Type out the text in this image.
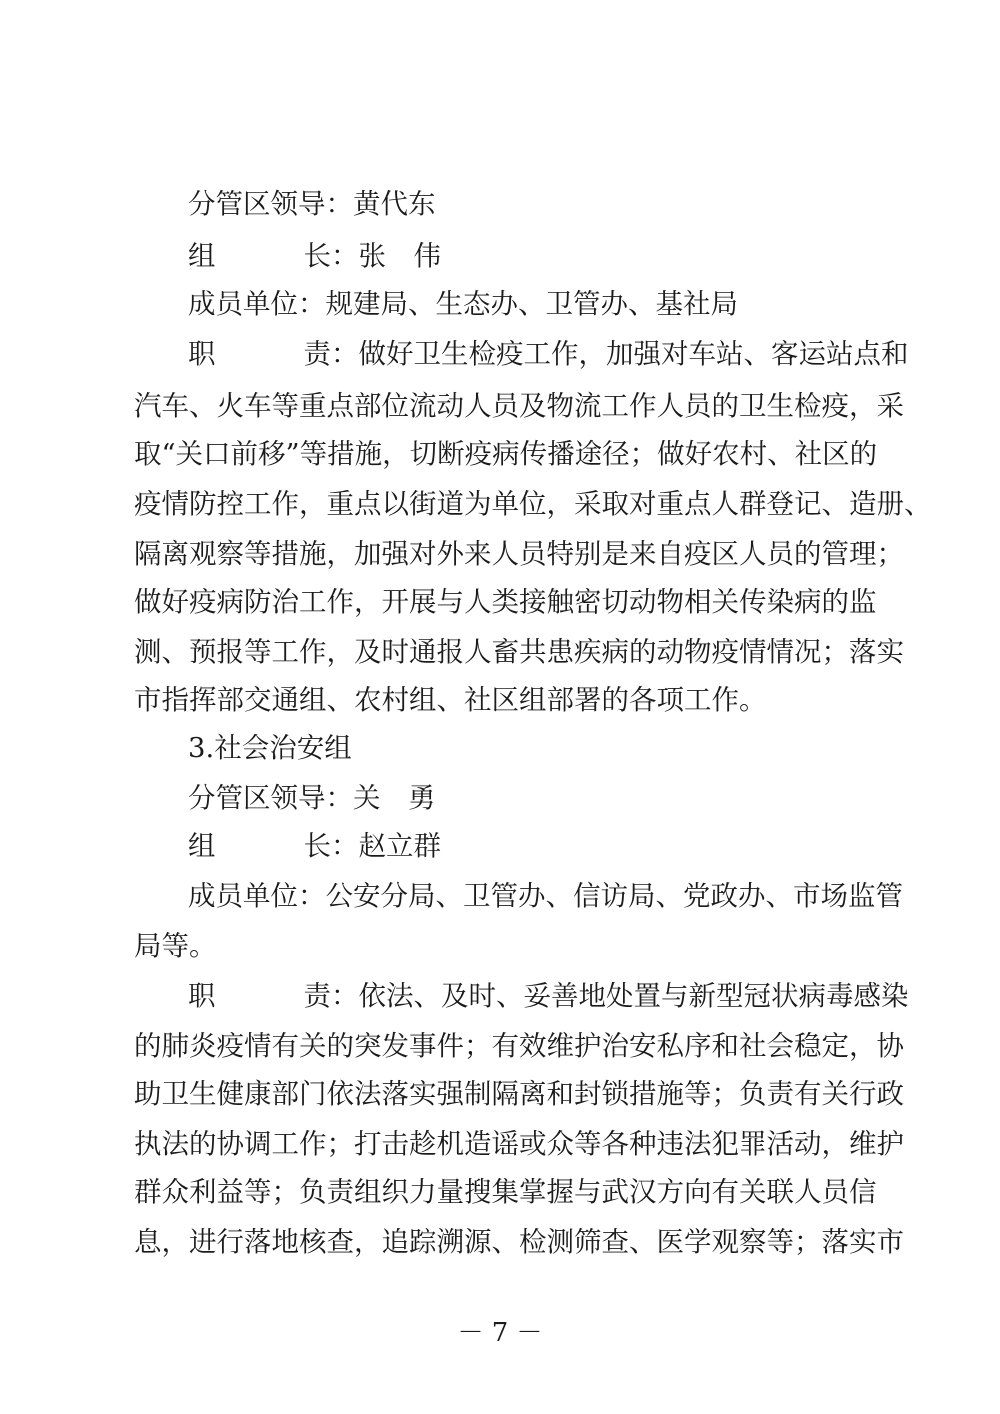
分管区领导：黄代东
组	长：张　伟
成员单位：规建局、生态办、卫管办、基社局
职	责：做好卫生检疫工作，加强对车站、客运站点和
汽车、火车等重点部位流动人员及物流工作人员的卫生检疫，采
取“关口前移”等措施，切断疫病传播途径；做好农村、社区的
疫情防控工作，重点以街道为单位，采取对重点人群登记、造册、
隔离观察等措施，加强对外来人员特别是来自疫区人员的管理；
做好疫病防治工作，开展与人类接触密切动物相关传染病的监
测、预报等工作，及时通报人畜共患疾病的动物疫情情况；落实
市指挥部交通组、农村组、社区组部署的各项工作。
3.社会治安组
分管区领导：关　勇
组	长：赵立群
成员单位：公安分局、卫管办、信访局、党政办、市场监管
局等。
职	责：依法、及时、妥善地处置与新型冠状病毒感染
的肺炎疫情有关的突发事件；有效维护治安私序和社会稳定，协
助卫生健康部门依法落实强制隔离和封锁措施等；负责有关行政
执法的协调工作；打击趁机造谣或众等各种违法犯罪活动，维护
群众利益等；负责组织力量搜集掌握与武汉方向有关联人员信
息，进行落地核查，追踪溯源、检测筛查、医学观察等；落实市
－ 7 －
